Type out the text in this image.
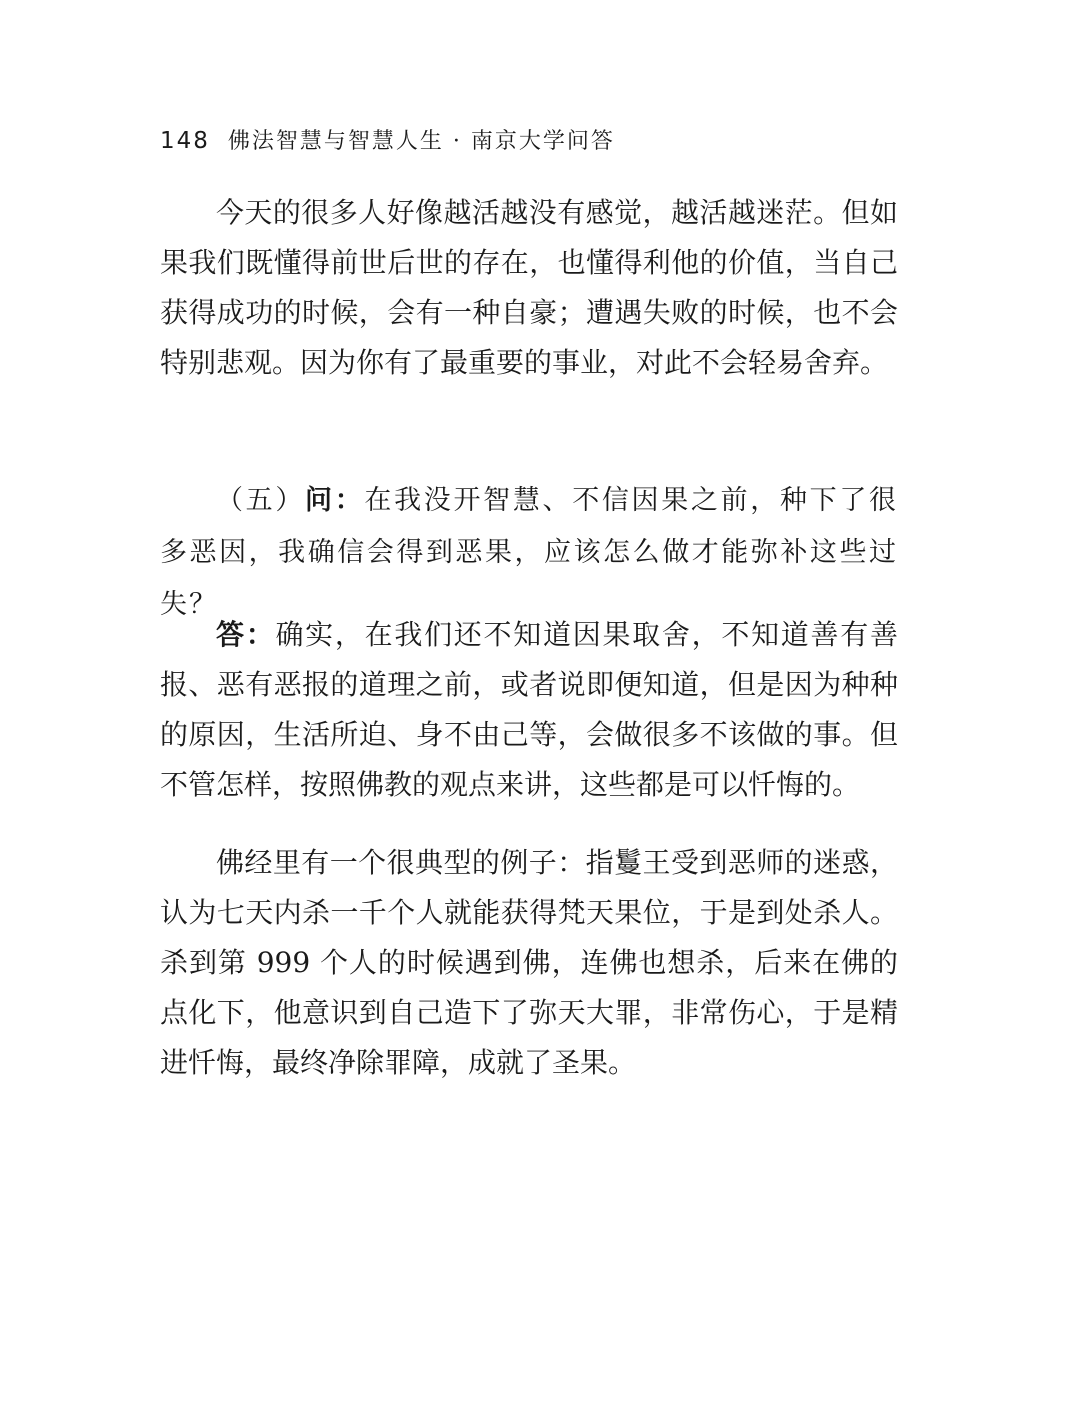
148 佛法智慧与智慧人生 · 南京大学问答

今天的很多人好像越活越没有感觉，越活越迷茫。但如果我们既懂得前世后世的存在，也懂得利他的价值，当自己获得成功的时候，会有一种自豪；遭遇失败的时候，也不会特别悲观。因为你有了最重要的事业，对此不会轻易舍弃。

（五）问：在我没开智慧、不信因果之前，种下了很多恶因，我确信会得到恶果，应该怎么做才能弥补这些过失？

答：确实，在我们还不知道因果取舍，不知道善有善报、恶有恶报的道理之前，或者说即便知道，但是因为种种的原因，生活所迫、身不由己等，会做很多不该做的事。但不管怎样，按照佛教的观点来讲，这些都是可以忏悔的。

佛经里有一个很典型的例子：指鬘王受到恶师的迷惑，认为七天内杀一千个人就能获得梵天果位，于是到处杀人。杀到第 999 个人的时候遇到佛，连佛也想杀，后来在佛的点化下，他意识到自己造下了弥天大罪，非常伤心，于是精进忏悔，最终净除罪障，成就了圣果。
